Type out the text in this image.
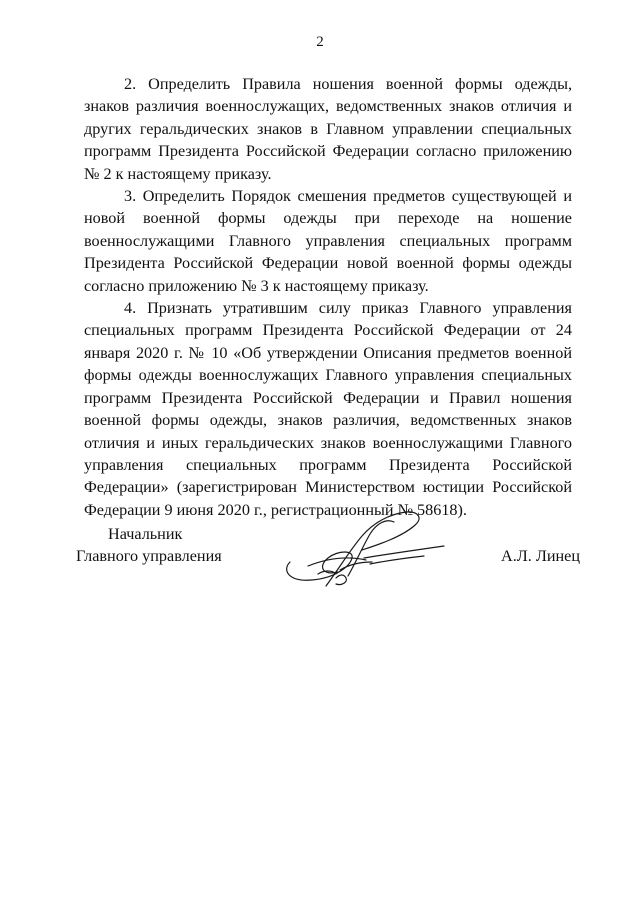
2

2. Определить Правила ношения военной формы одежды, знаков различия военнослужащих, ведомственных знаков отличия и других геральдических знаков в Главном управлении специальных программ Президента Российской Федерации согласно приложению № 2 к настоящему приказу.

3. Определить Порядок смешения предметов существующей и новой военной формы одежды при переходе на ношение военнослужащими Главного управления специальных программ Президента Российской Федерации новой военной формы одежды согласно приложению № 3 к настоящему приказу.

4. Признать утратившим силу приказ Главного управления специальных программ Президента Российской Федерации от 24 января 2020 г. № 10 «Об утверждении Описания предметов военной формы одежды военнослужащих Главного управления специальных программ Президента Российской Федерации и Правил ношения военной формы одежды, знаков различия, ведомственных знаков отличия и иных геральдических знаков военнослужащими Главного управления специальных программ Президента Российской Федерации» (зарегистрирован Министерством юстиции Российской Федерации 9 июня 2020 г., регистрационный № 58618).

Начальник
Главного управления	А.Л. Линец
